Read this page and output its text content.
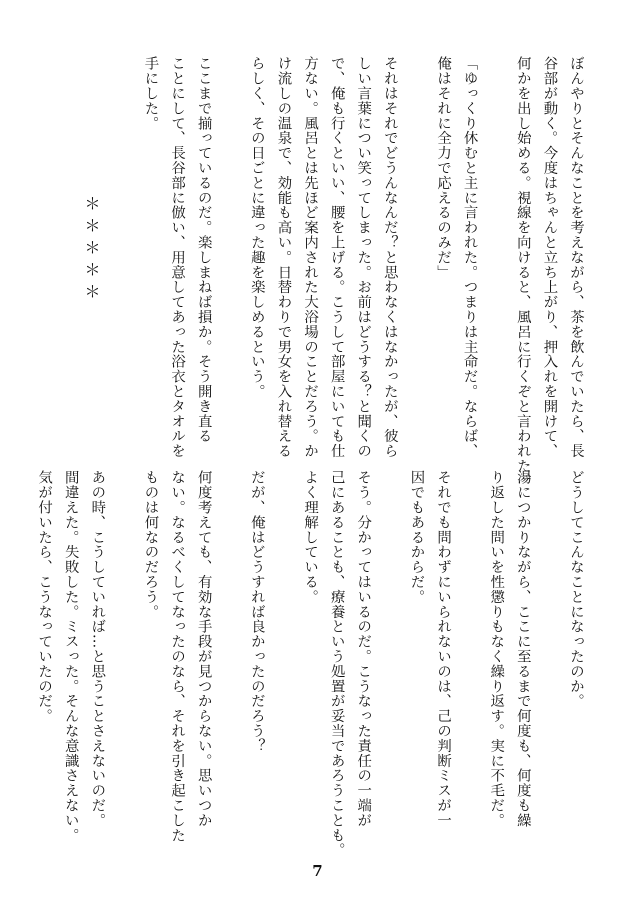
ぼんやりとそんなことを考えながら、茶を飲んでいたら、長

谷部が動く。今度はちゃんと立ち上がり、押入れを開けて、

何かを出し始める。視線を向けると、風呂に行くぞと言われた。

「ゆっくり休むと主に言われた。つまりは主命だ。ならば、

俺はそれに全力で応えるのみだ」

それはそれでどうんなんだ？と思わなくはなかったが、彼ら

しい言葉につい笑ってしまった。お前はどうする？と聞くの

で、俺も行くといい、腰を上げる。こうして部屋にいても仕

方ない。風呂とは先ほど案内された大浴場のことだろう。か

け流しの温泉で、効能も高い。日替わりで男女を入れ替える

らしく、その日ごとに違った趣を楽しめるという。

ここまで揃っているのだ。楽しまねば損か。そう開き直る

ことにして、長谷部に倣い、用意してあった浴衣とタオルを

手にした。

＊＊＊＊＊

どうしてこんなことになったのか。

湯につかりながら、ここに至るまで何度も、何度も繰

り返した問いを性懲りもなく繰り返す。実に不毛だ。

それでも問わずにいられないのは、己の判断ミスが一

因でもあるからだ。

そう。分かってはいるのだ。こうなった責任の一端が

己にあることも、療養という処置が妥当であろうことも。

よく理解している。

だが、俺はどうすれば良かったのだろう？

何度考えても、有効な手段が見つからない。思いつか

ない。なるべくしてなったのなら、それを引き起こした

ものは何なのだろう。

あの時、こうしていれば…と思うことさえないのだ。

間違えた。失敗した。ミスった。そんな意識さえない。

気が付いたら、こうなっていたのだ。

7
